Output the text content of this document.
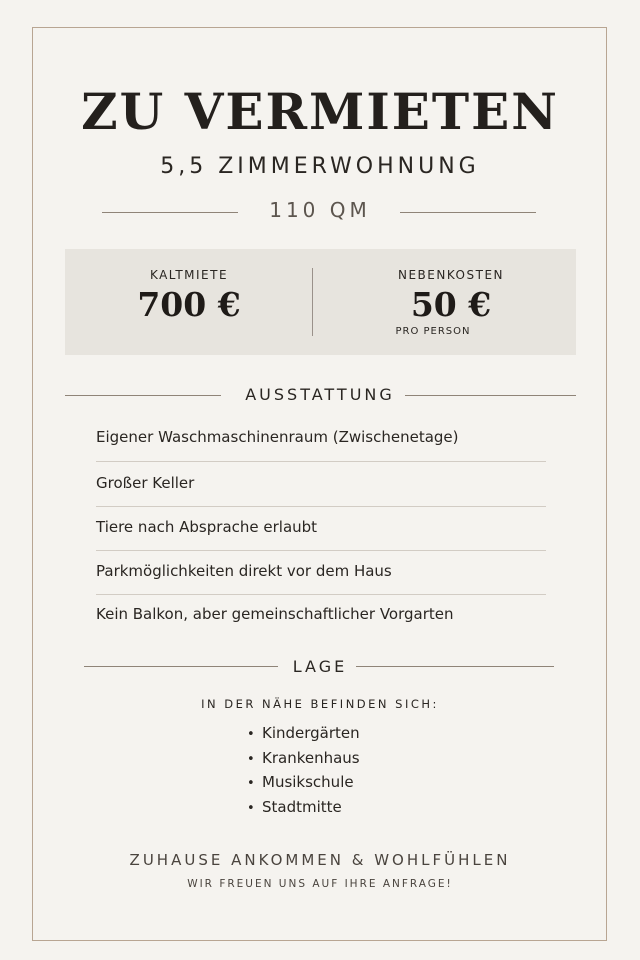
ZU VERMIETEN
5,5 ZIMMERWOHNUNG
110 QM
KALTMIETE
700 €
NEBENKOSTEN
50 €
PRO PERSON
AUSSTATTUNG
Eigener Waschmaschinenraum (Zwischenetage)
Großer Keller
Tiere nach Absprache erlaubt
Parkmöglichkeiten direkt vor dem Haus
Kein Balkon, aber gemeinschaftlicher Vorgarten
LAGE
IN DER NÄHE BEFINDEN SICH:
• Kindergärten
• Krankenhaus
• Musikschule
• Stadtmitte
ZUHAUSE ANKOMMEN & WOHLFÜHLEN
WIR FREUEN UNS AUF IHRE ANFRAGE!
